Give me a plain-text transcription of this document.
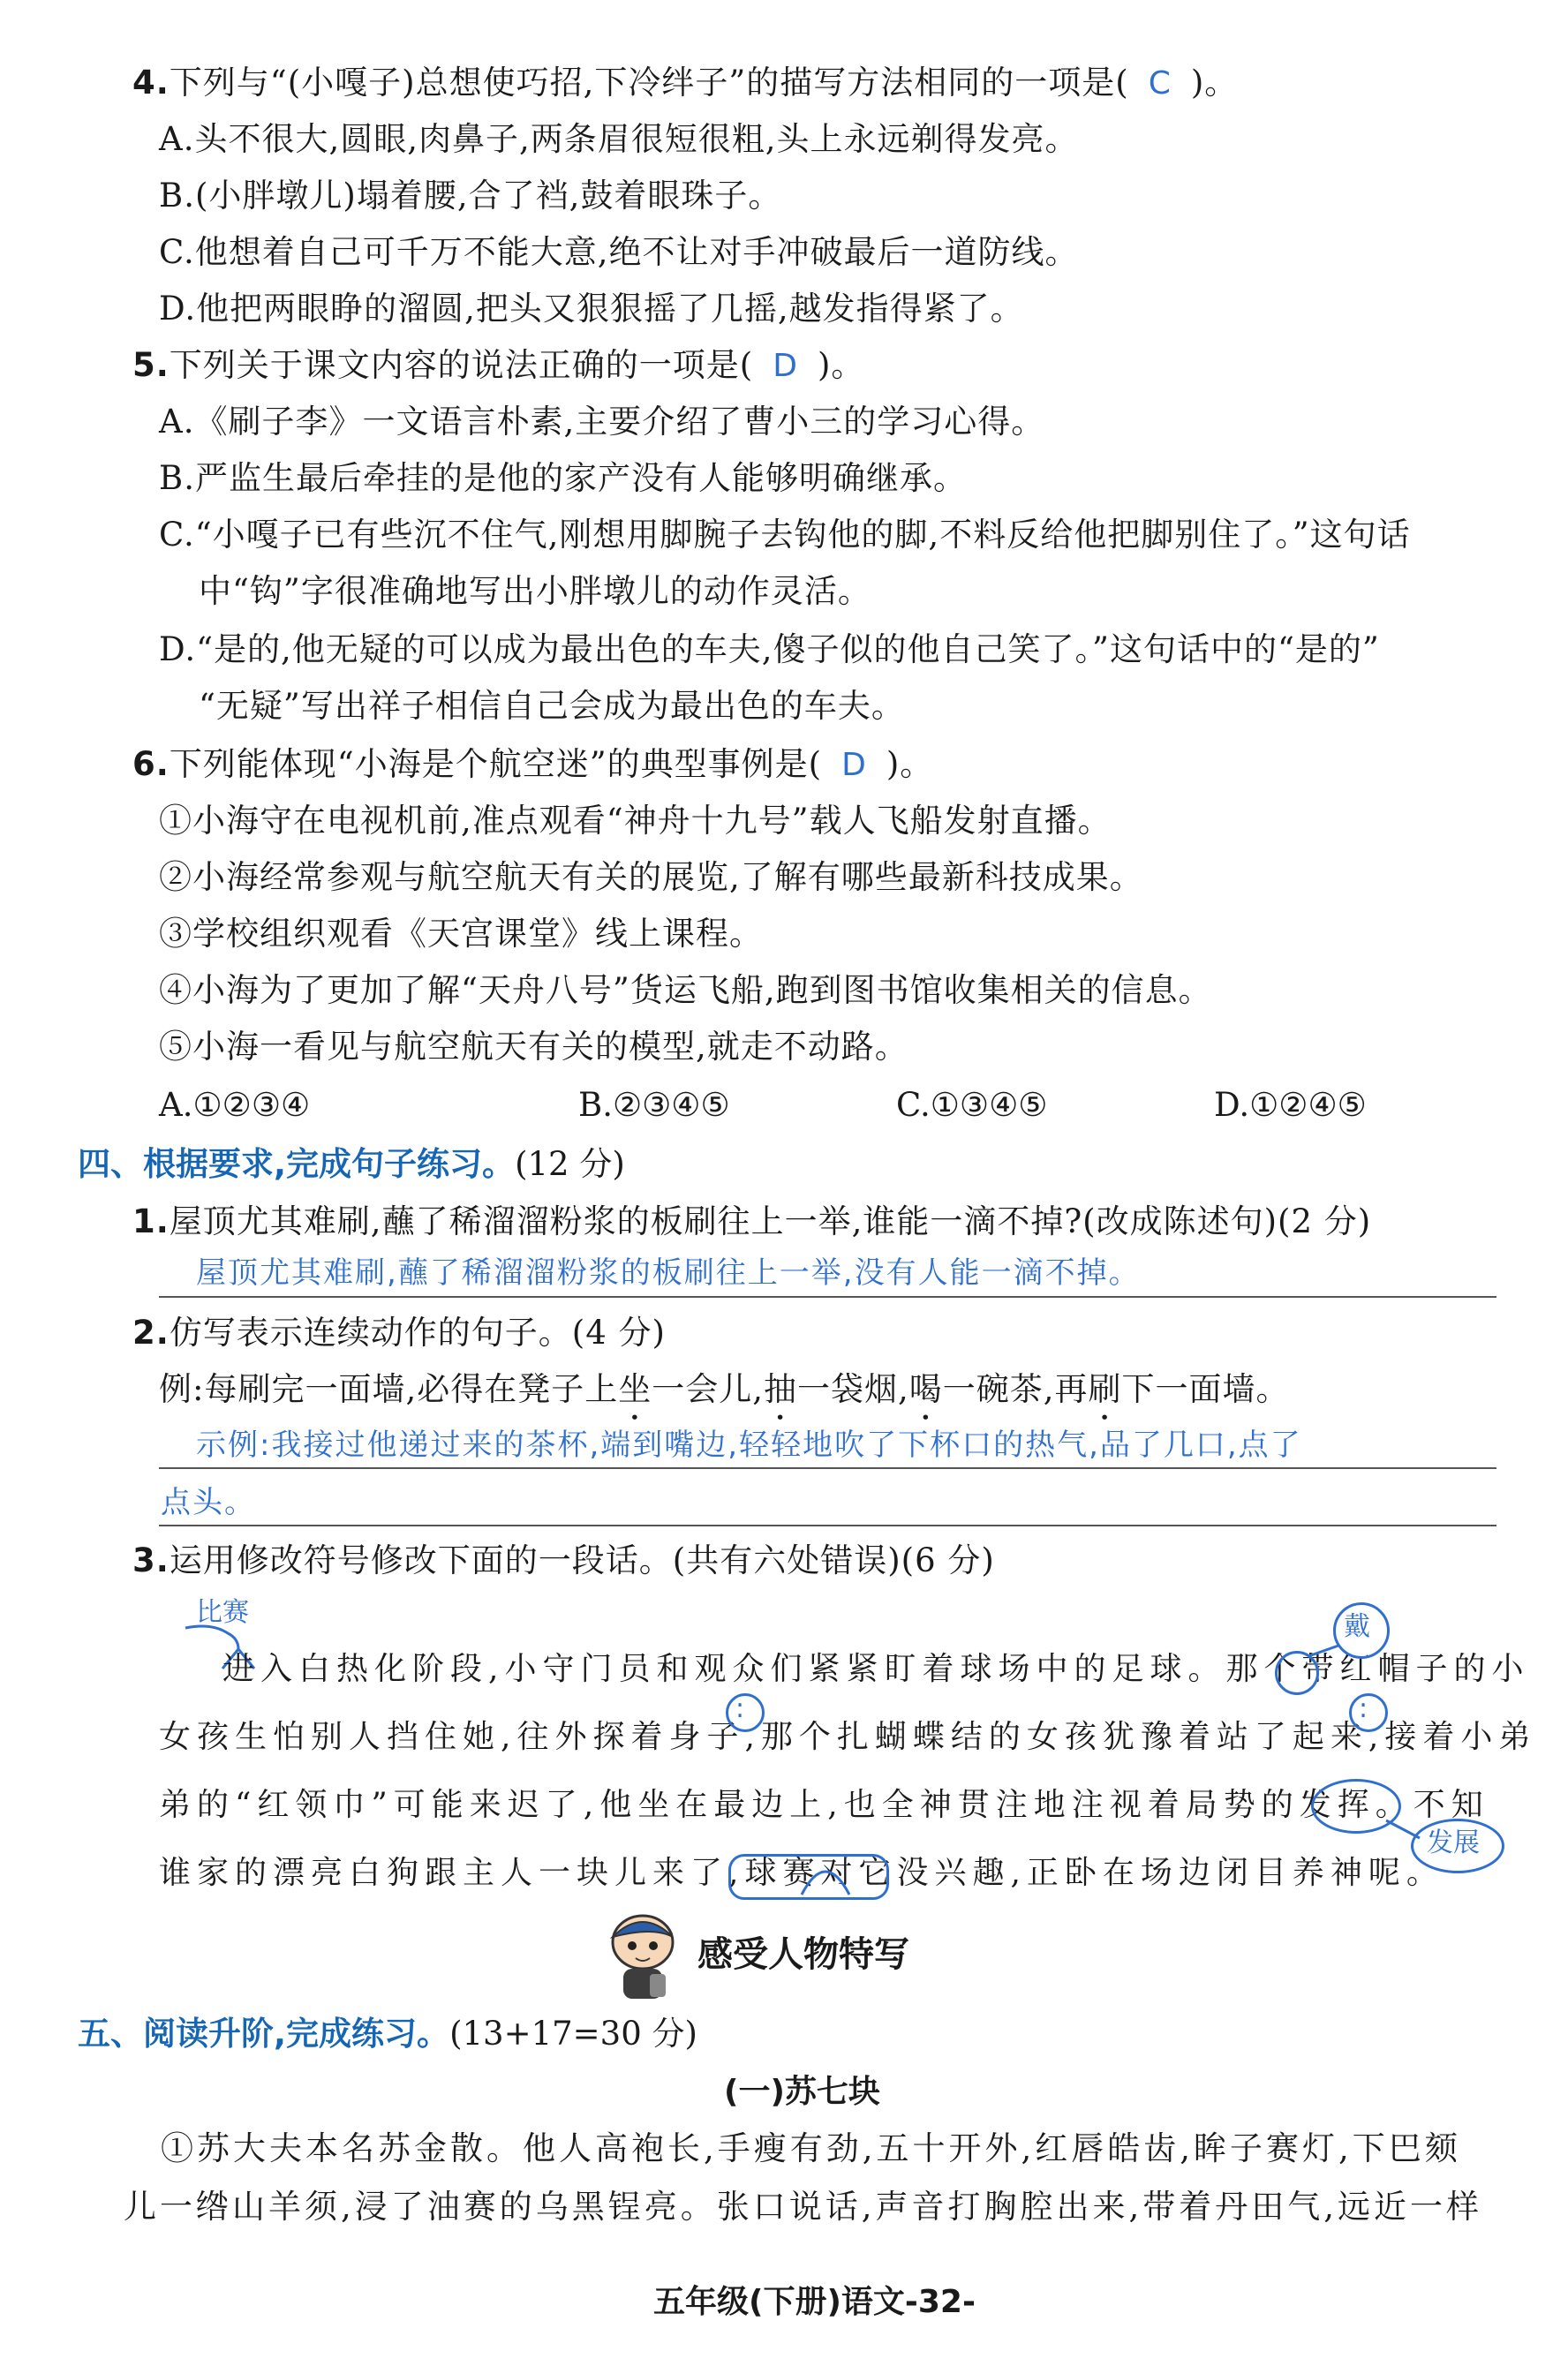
4.下列与“(小嘎子)总想使巧招,下冷绊子”的描写方法相同的一项是( C )。
A.头不很大,圆眼,肉鼻子,两条眉很短很粗,头上永远剃得发亮。
B.(小胖墩儿)塌着腰,合了裆,鼓着眼珠子。
C.他想着自己可千万不能大意,绝不让对手冲破最后一道防线。
D.他把两眼睁的溜圆,把头又狠狠摇了几摇,越发指得紧了。
5.下列关于课文内容的说法正确的一项是( D )。
A.《刷子李》一文语言朴素,主要介绍了曹小三的学习心得。
B.严监生最后牵挂的是他的家产没有人能够明确继承。
C.“小嘎子已有些沉不住气,刚想用脚腕子去钩他的脚,不料反给他把脚别住了。”这句话
中“钩”字很准确地写出小胖墩儿的动作灵活。
D.“是的,他无疑的可以成为最出色的车夫,傻子似的他自己笑了。”这句话中的“是的”
“无疑”写出祥子相信自己会成为最出色的车夫。
6.下列能体现“小海是个航空迷”的典型事例是( D )。
①小海守在电视机前,准点观看“神舟十九号”载人飞船发射直播。
②小海经常参观与航空航天有关的展览,了解有哪些最新科技成果。
③学校组织观看《天宫课堂》线上课程。
④小海为了更加了解“天舟八号”货运飞船,跑到图书馆收集相关的信息。
⑤小海一看见与航空航天有关的模型,就走不动路。
A.①②③④	B.②③④⑤	C.①③④⑤	D.①②④⑤
四、根据要求,完成句子练习。(12 分)
1.屋顶尤其难刷,蘸了稀溜溜粉浆的板刷往上一举,谁能一滴不掉?(改成陈述句)(2 分)
屋顶尤其难刷,蘸了稀溜溜粉浆的板刷往上一举,没有人能一滴不掉。
2.仿写表示连续动作的句子。(4 分)
例:每刷完一面墙,必得在凳子上坐一会儿,抽一袋烟,喝一碗茶,再刷下一面墙。
示例:我接过他递过来的茶杯,端到嘴边,轻轻地吹了下杯口的热气,品了几口,点了
点头。
3.运用修改符号修改下面的一段话。(共有六处错误)(6 分)
比赛
进入白热化阶段,小守门员和观众们紧紧盯着球场中的足球。那个带红帽子的小
女孩生怕别人挡住她,往外探着身子,那个扎蝴蝶结的女孩犹豫着站了起来,接着小弟
弟的“红领巾”可能来迟了,他坐在最边上,也全神贯注地注视着局势的发挥。不知
谁家的漂亮白狗跟主人一块儿来了,球赛对它没兴趣,正卧在场边闭目养神呢。
戴
:	:
发展
感受人物特写
五、阅读升阶,完成练习。(13+17=30 分)
(一)苏七块
①苏大夫本名苏金散。他人高袍长,手瘦有劲,五十开外,红唇皓齿,眸子赛灯,下巴颏
儿一绺山羊须,浸了油赛的乌黑锃亮。张口说话,声音打胸腔出来,带着丹田气,远近一样
五年级(下册)语文-32-
